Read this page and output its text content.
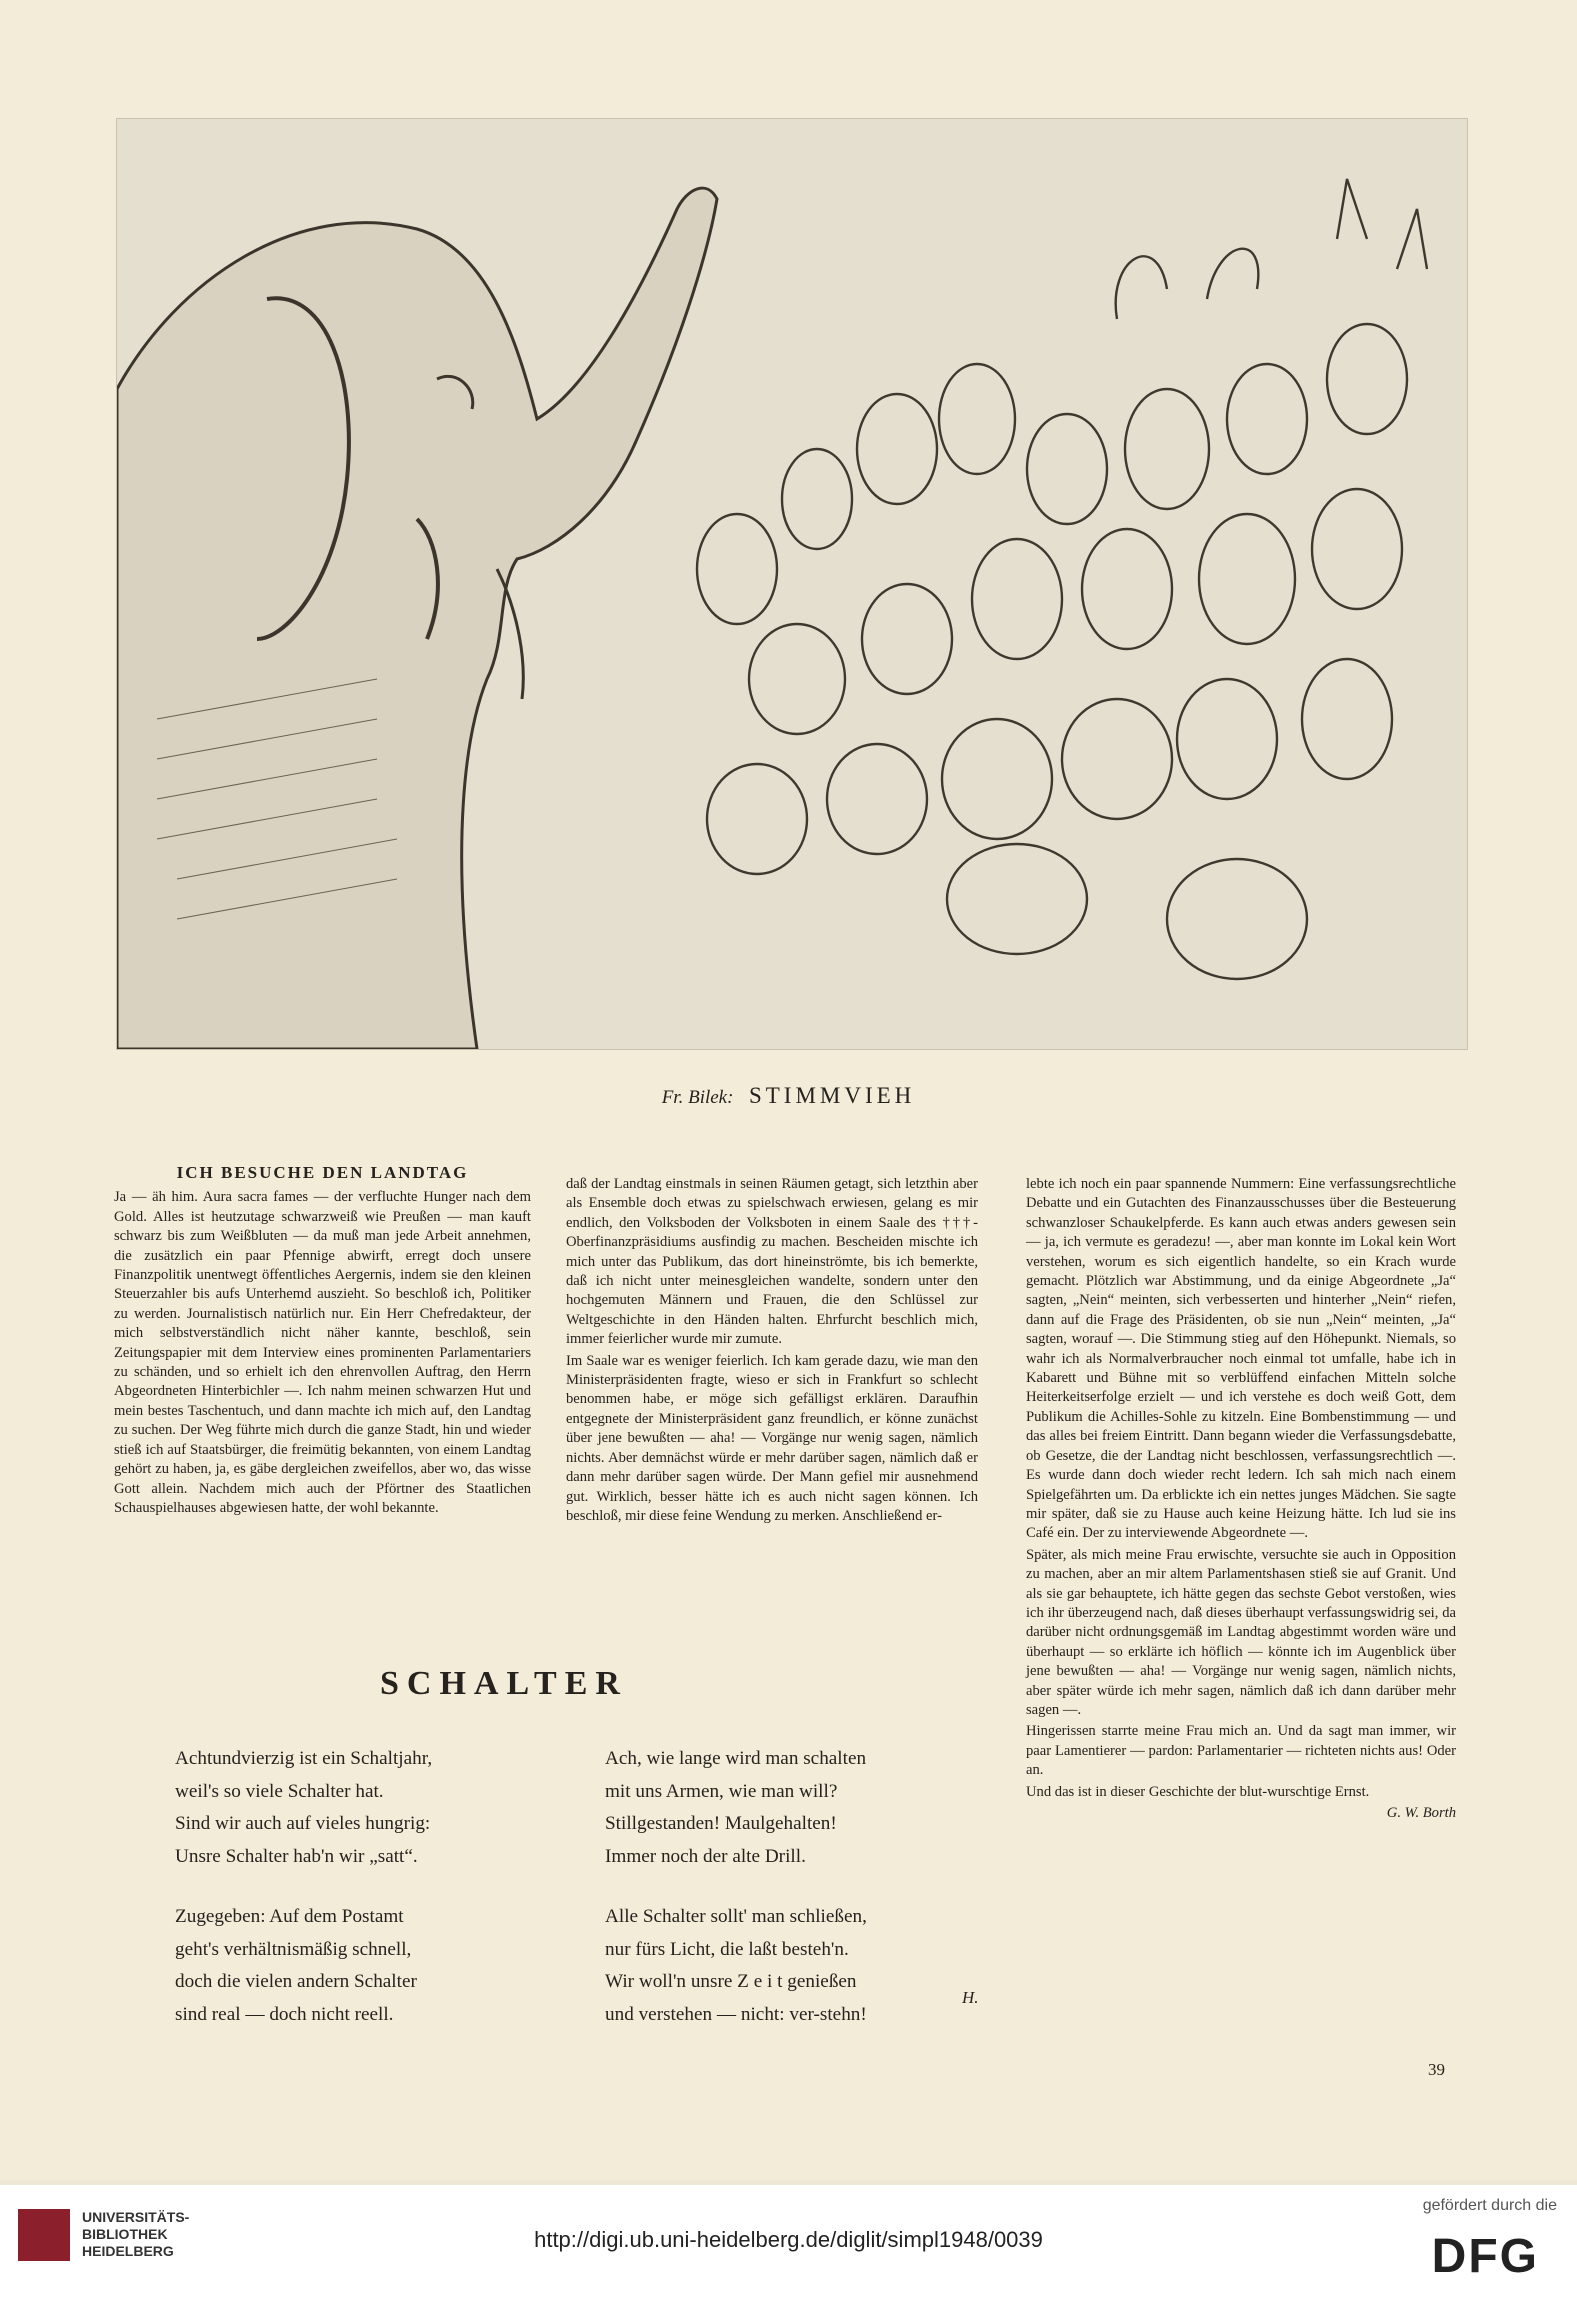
Fr. Bilek: STIMMVIEH
ICH BESUCHE DEN LANDTAG

Ja — äh him. Aura sacra fames — der verfluchte Hunger nach dem Gold. Alles ist heutzutage schwarzweiß wie Preußen — man kauft schwarz bis zum Weißbluten — da muß man jede Arbeit annehmen, die zusätzlich ein paar Pfennige abwirft, erregt doch unsere Finanzpolitik unentwegt öffentliches Aergernis, indem sie den kleinen Steuerzahler bis aufs Unterhemd auszieht. So beschloß ich, Politiker zu werden. Journalistisch natürlich nur. Ein Herr Chefredakteur, der mich selbstverständlich nicht näher kannte, beschloß, sein Zeitungspapier mit dem Interview eines prominenten Parlamentariers zu schänden, und so erhielt ich den ehrenvollen Auftrag, den Herrn Abgeordneten Hinterbichler —. Ich nahm meinen schwarzen Hut und mein bestes Taschentuch, und dann machte ich mich auf, den Landtag zu suchen. Der Weg führte mich durch die ganze Stadt, hin und wieder stieß ich auf Staatsbürger, die freimütig bekannten, von einem Landtag gehört zu haben, ja, es gäbe dergleichen zweifellos, aber wo, das wisse Gott allein. Nachdem mich auch der Pförtner des Staatlichen Schauspielhauses abgewiesen hatte, der wohl bekannte.

daß der Landtag einstmals in seinen Räumen getagt, sich letzthin aber als Ensemble doch etwas zu spielschwach erwiesen, gelang es mir endlich, den Volksboden der Volksboten in einem Saale des †††-Oberfinanzpräsidiums ausfindig zu machen. Bescheiden mischte ich mich unter das Publikum, das dort hineinströmte, bis ich bemerkte, daß ich nicht unter meinesgleichen wandelte, sondern unter den hochgemuten Männern und Frauen, die den Schlüssel zur Weltgeschichte in den Händen halten. Ehrfurcht beschlich mich, immer feierlicher wurde mir zumute.

Im Saale war es weniger feierlich. Ich kam gerade dazu, wie man den Ministerpräsidenten fragte, wieso er sich in Frankfurt so schlecht benommen habe, er möge sich gefälligst erklären. Daraufhin entgegnete der Ministerpräsident ganz freundlich, er könne zunächst über jene bewußten — aha! — Vorgänge nur wenig sagen, nämlich nichts. Aber demnächst würde er mehr darüber sagen, nämlich daß er dann mehr darüber sagen würde. Der Mann gefiel mir ausnehmend gut. Wirklich, besser hätte ich es auch nicht sagen können. Ich beschloß, mir diese feine Wendung zu merken. Anschließend er-

lebte ich noch ein paar spannende Nummern: Eine verfassungsrechtliche Debatte und ein Gutachten des Finanzausschusses über die Besteuerung schwanzloser Schaukelpferde. Es kann auch etwas anders gewesen sein — ja, ich vermute es geradezu! —, aber man konnte im Lokal kein Wort verstehen, worum es sich eigentlich handelte, so ein Krach wurde gemacht. Plötzlich war Abstimmung, und da einige Abgeordnete „Ja“ sagten, „Nein“ meinten, sich verbesserten und hinterher „Nein“ riefen, dann auf die Frage des Präsidenten, ob sie nun „Nein“ meinten, „Ja“ sagten, worauf —. Die Stimmung stieg auf den Höhepunkt. Niemals, so wahr ich als Normalverbraucher noch einmal tot umfalle, habe ich in Kabarett und Bühne mit so verblüffend einfachen Mitteln solche Heiterkeitserfolge erzielt — und ich verstehe es doch weiß Gott, dem Publikum die Achilles-Sohle zu kitzeln. Eine Bombenstimmung — und das alles bei freiem Eintritt. Dann begann wieder die Verfassungsdebatte, ob Gesetze, die der Landtag nicht beschlossen, verfassungsrechtlich —. Es wurde dann doch wieder recht ledern. Ich sah mich nach einem Spielgefährten um. Da erblickte ich ein nettes junges Mädchen. Sie sagte mir später, daß sie zu Hause auch keine Heizung hätte. Ich lud sie ins Café ein. Der zu interviewende Abgeordnete —.

Später, als mich meine Frau erwischte, versuchte sie auch in Opposition zu machen, aber an mir altem Parlamentshasen stieß sie auf Granit. Und als sie gar behauptete, ich hätte gegen das sechste Gebot verstoßen, wies ich ihr überzeugend nach, daß dieses überhaupt verfassungswidrig sei, da darüber nicht ordnungsgemäß im Landtag abgestimmt worden wäre und überhaupt — so erklärte ich höflich — könnte ich im Augenblick über jene bewußten — aha! — Vorgänge nur wenig sagen, nämlich nichts, aber später würde ich mehr sagen, nämlich daß ich dann darüber mehr sagen —.

Hingerissen starrte meine Frau mich an. Und da sagt man immer, wir paar Lamentierer — pardon: Parlamentarier — richteten nichts aus! Oder an.

Und das ist in dieser Geschichte der blut-wurschtige Ernst.

G. W. Borth
SCHALTER
Achtundvierzig ist ein Schaltjahr,
weil's so viele Schalter hat.
Sind wir auch auf vieles hungrig:
Unsre Schalter hab'n wir „satt“.
Zugegeben: Auf dem Postamt
geht's verhältnismäßig schnell,
doch die vielen andern Schalter
sind real — doch nicht reell.
Ach, wie lange wird man schalten
mit uns Armen, wie man will?
Stillgestanden! Maulgehalten!
Immer noch der alte Drill.
Alle Schalter sollt' man schließen,
nur fürs Licht, die laßt besteh'n.
Wir woll'n unsre Z e i t genießen
und verstehen — nicht: ver-stehn!
H.
39
UNIVERSITÄTS-
BIBLIOTHEK
HEIDELBERG	http://digi.ub.uni-heidelberg.de/diglit/simpl1948/0039
gefördert durch die
DFG
